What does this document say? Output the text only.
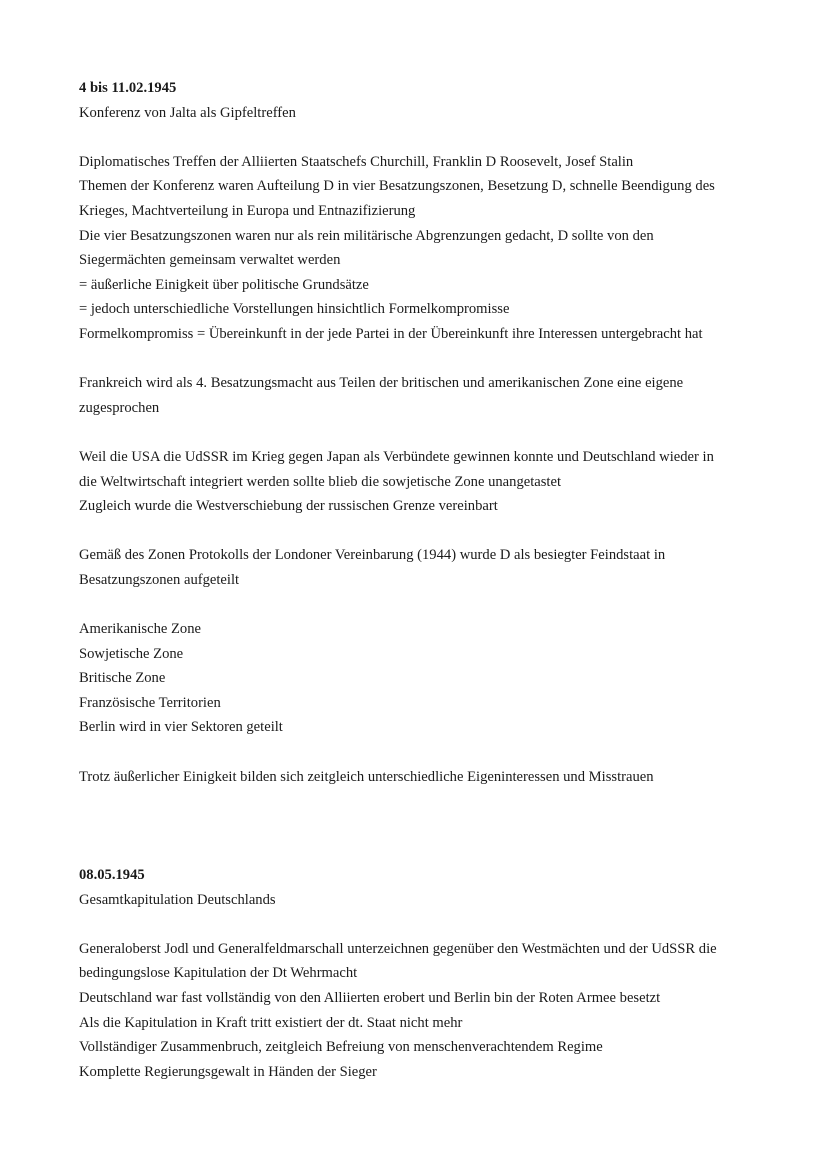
4 bis 11.02.1945
Konferenz von Jalta als Gipfeltreffen
Diplomatisches Treffen der Alliierten Staatschefs Churchill, Franklin D Roosevelt, Josef Stalin
Themen der Konferenz waren Aufteilung D in vier Besatzungszonen, Besetzung D, schnelle Beendigung des
Krieges, Machtverteilung in Europa und Entnazifizierung
Die vier Besatzungszonen waren nur als rein militärische Abgrenzungen gedacht, D sollte von den
Siegermächten gemeinsam verwaltet werden
= äußerliche Einigkeit über politische Grundsätze
= jedoch unterschiedliche Vorstellungen hinsichtlich Formelkompromisse
Formelkompromiss = Übereinkunft in der jede Partei in der Übereinkunft ihre Interessen untergebracht hat
Frankreich wird als 4. Besatzungsmacht aus Teilen der britischen und amerikanischen Zone eine eigene
zugesprochen
Weil die USA die UdSSR im Krieg gegen Japan als Verbündete gewinnen konnte und Deutschland wieder in
die Weltwirtschaft integriert werden sollte blieb die sowjetische Zone unangetastet
Zugleich wurde die Westverschiebung der russischen Grenze vereinbart
Gemäß des Zonen Protokolls der Londoner Vereinbarung (1944) wurde D als besiegter Feindstaat in
Besatzungszonen aufgeteilt
Amerikanische Zone
Sowjetische Zone
Britische Zone
Französische Territorien
Berlin wird in vier Sektoren geteilt
Trotz äußerlicher Einigkeit bilden sich zeitgleich unterschiedliche Eigeninteressen und Misstrauen
08.05.1945
Gesamtkapitulation Deutschlands
Generaloberst Jodl und Generalfeldmarschall unterzeichnen gegenüber den Westmächten und der UdSSR die
bedingungslose Kapitulation der Dt Wehrmacht
Deutschland war fast vollständig von den Alliierten erobert und Berlin bin der Roten Armee besetzt
Als die Kapitulation in Kraft tritt existiert der dt. Staat nicht mehr
Vollständiger Zusammenbruch, zeitgleich Befreiung von menschenverachtendem Regime
Komplette Regierungsgewalt in Händen der Sieger
